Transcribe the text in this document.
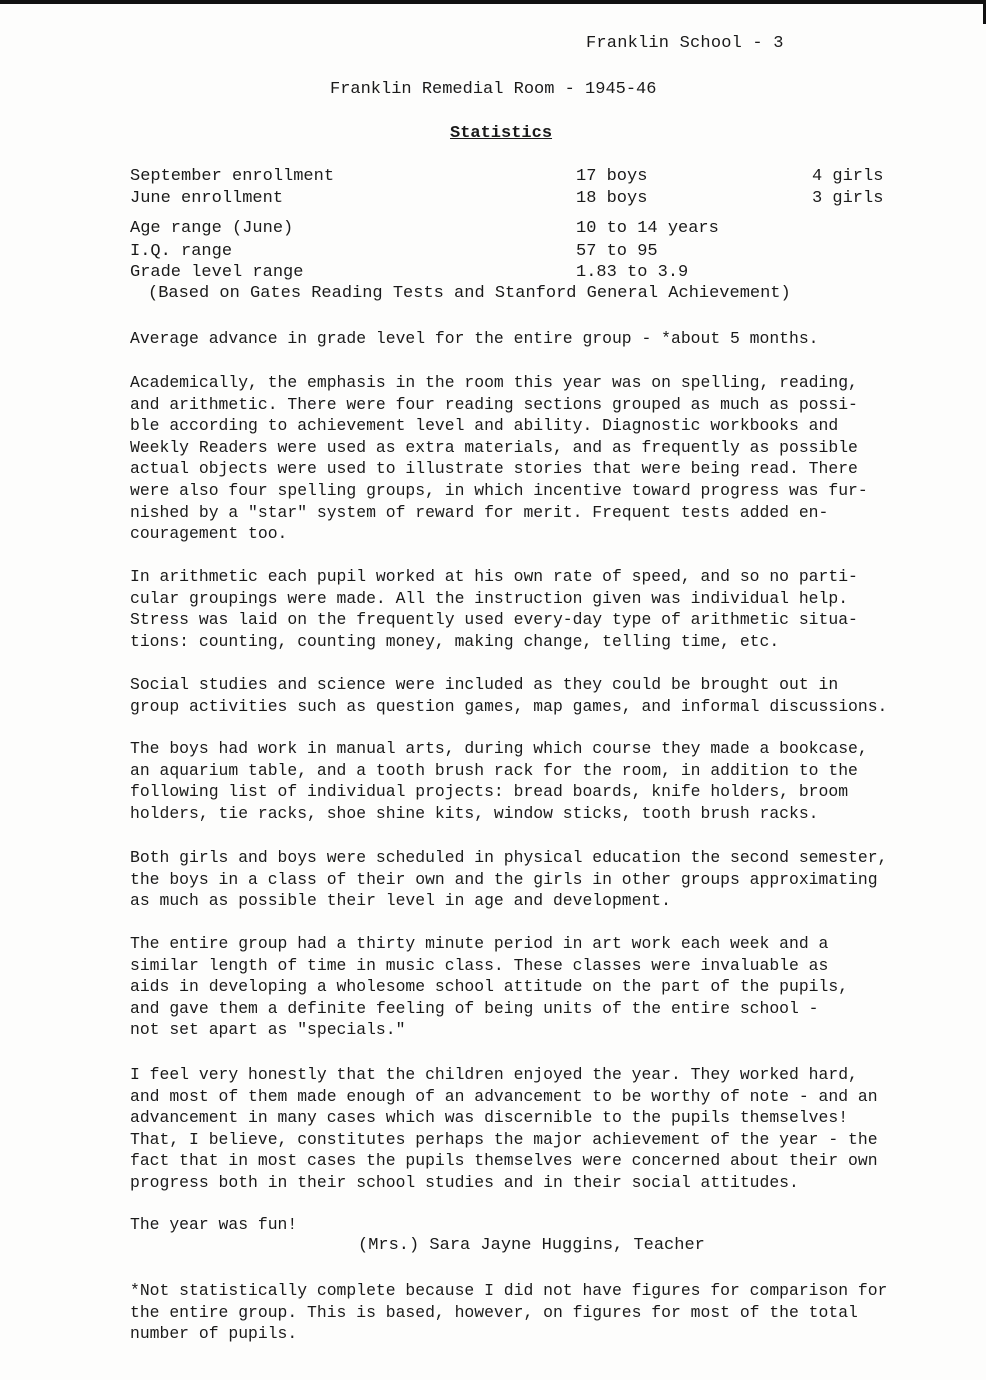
Franklin School - 3
Franklin Remedial Room - 1945-46
Statistics
September enrollment	17 boys	4 girls
June enrollment	18 boys	3 girls
Age range (June)	10 to 14 years
I.Q. range	57 to 95
Grade level range	1.83 to 3.9
(Based on Gates Reading Tests and Stanford General Achievement)

Average advance in grade level for the entire group - *about 5 months.

Academically, the emphasis in the room this year was on spelling, reading,
and arithmetic. There were four reading sections grouped as much as possi-
ble according to achievement level and ability. Diagnostic workbooks and
Weekly Readers were used as extra materials, and as frequently as possible
actual objects were used to illustrate stories that were being read. There
were also four spelling groups, in which incentive toward progress was fur-
nished by a "star" system of reward for merit. Frequent tests added en-
couragement too.

In arithmetic each pupil worked at his own rate of speed, and so no parti-
cular groupings were made. All the instruction given was individual help.
Stress was laid on the frequently used every-day type of arithmetic situa-
tions: counting, counting money, making change, telling time, etc.

Social studies and science were included as they could be brought out in
group activities such as question games, map games, and informal discussions.

The boys had work in manual arts, during which course they made a bookcase,
an aquarium table, and a tooth brush rack for the room, in addition to the
following list of individual projects: bread boards, knife holders, broom
holders, tie racks, shoe shine kits, window sticks, tooth brush racks.

Both girls and boys were scheduled in physical education the second semester,
the boys in a class of their own and the girls in other groups approximating
as much as possible their level in age and development.

The entire group had a thirty minute period in art work each week and a
similar length of time in music class. These classes were invaluable as
aids in developing a wholesome school attitude on the part of the pupils,
and gave them a definite feeling of being units of the entire school -
not set apart as "specials."

I feel very honestly that the children enjoyed the year. They worked hard,
and most of them made enough of an advancement to be worthy of note - and an
advancement in many cases which was discernible to the pupils themselves!
That, I believe, constitutes perhaps the major achievement of the year - the
fact that in most cases the pupils themselves were concerned about their own
progress both in their school studies and in their social attitudes.

The year was fun!

(Mrs.) Sara Jayne Huggins, Teacher

*Not statistically complete because I did not have figures for comparison for
the entire group. This is based, however, on figures for most of the total
number of pupils.
